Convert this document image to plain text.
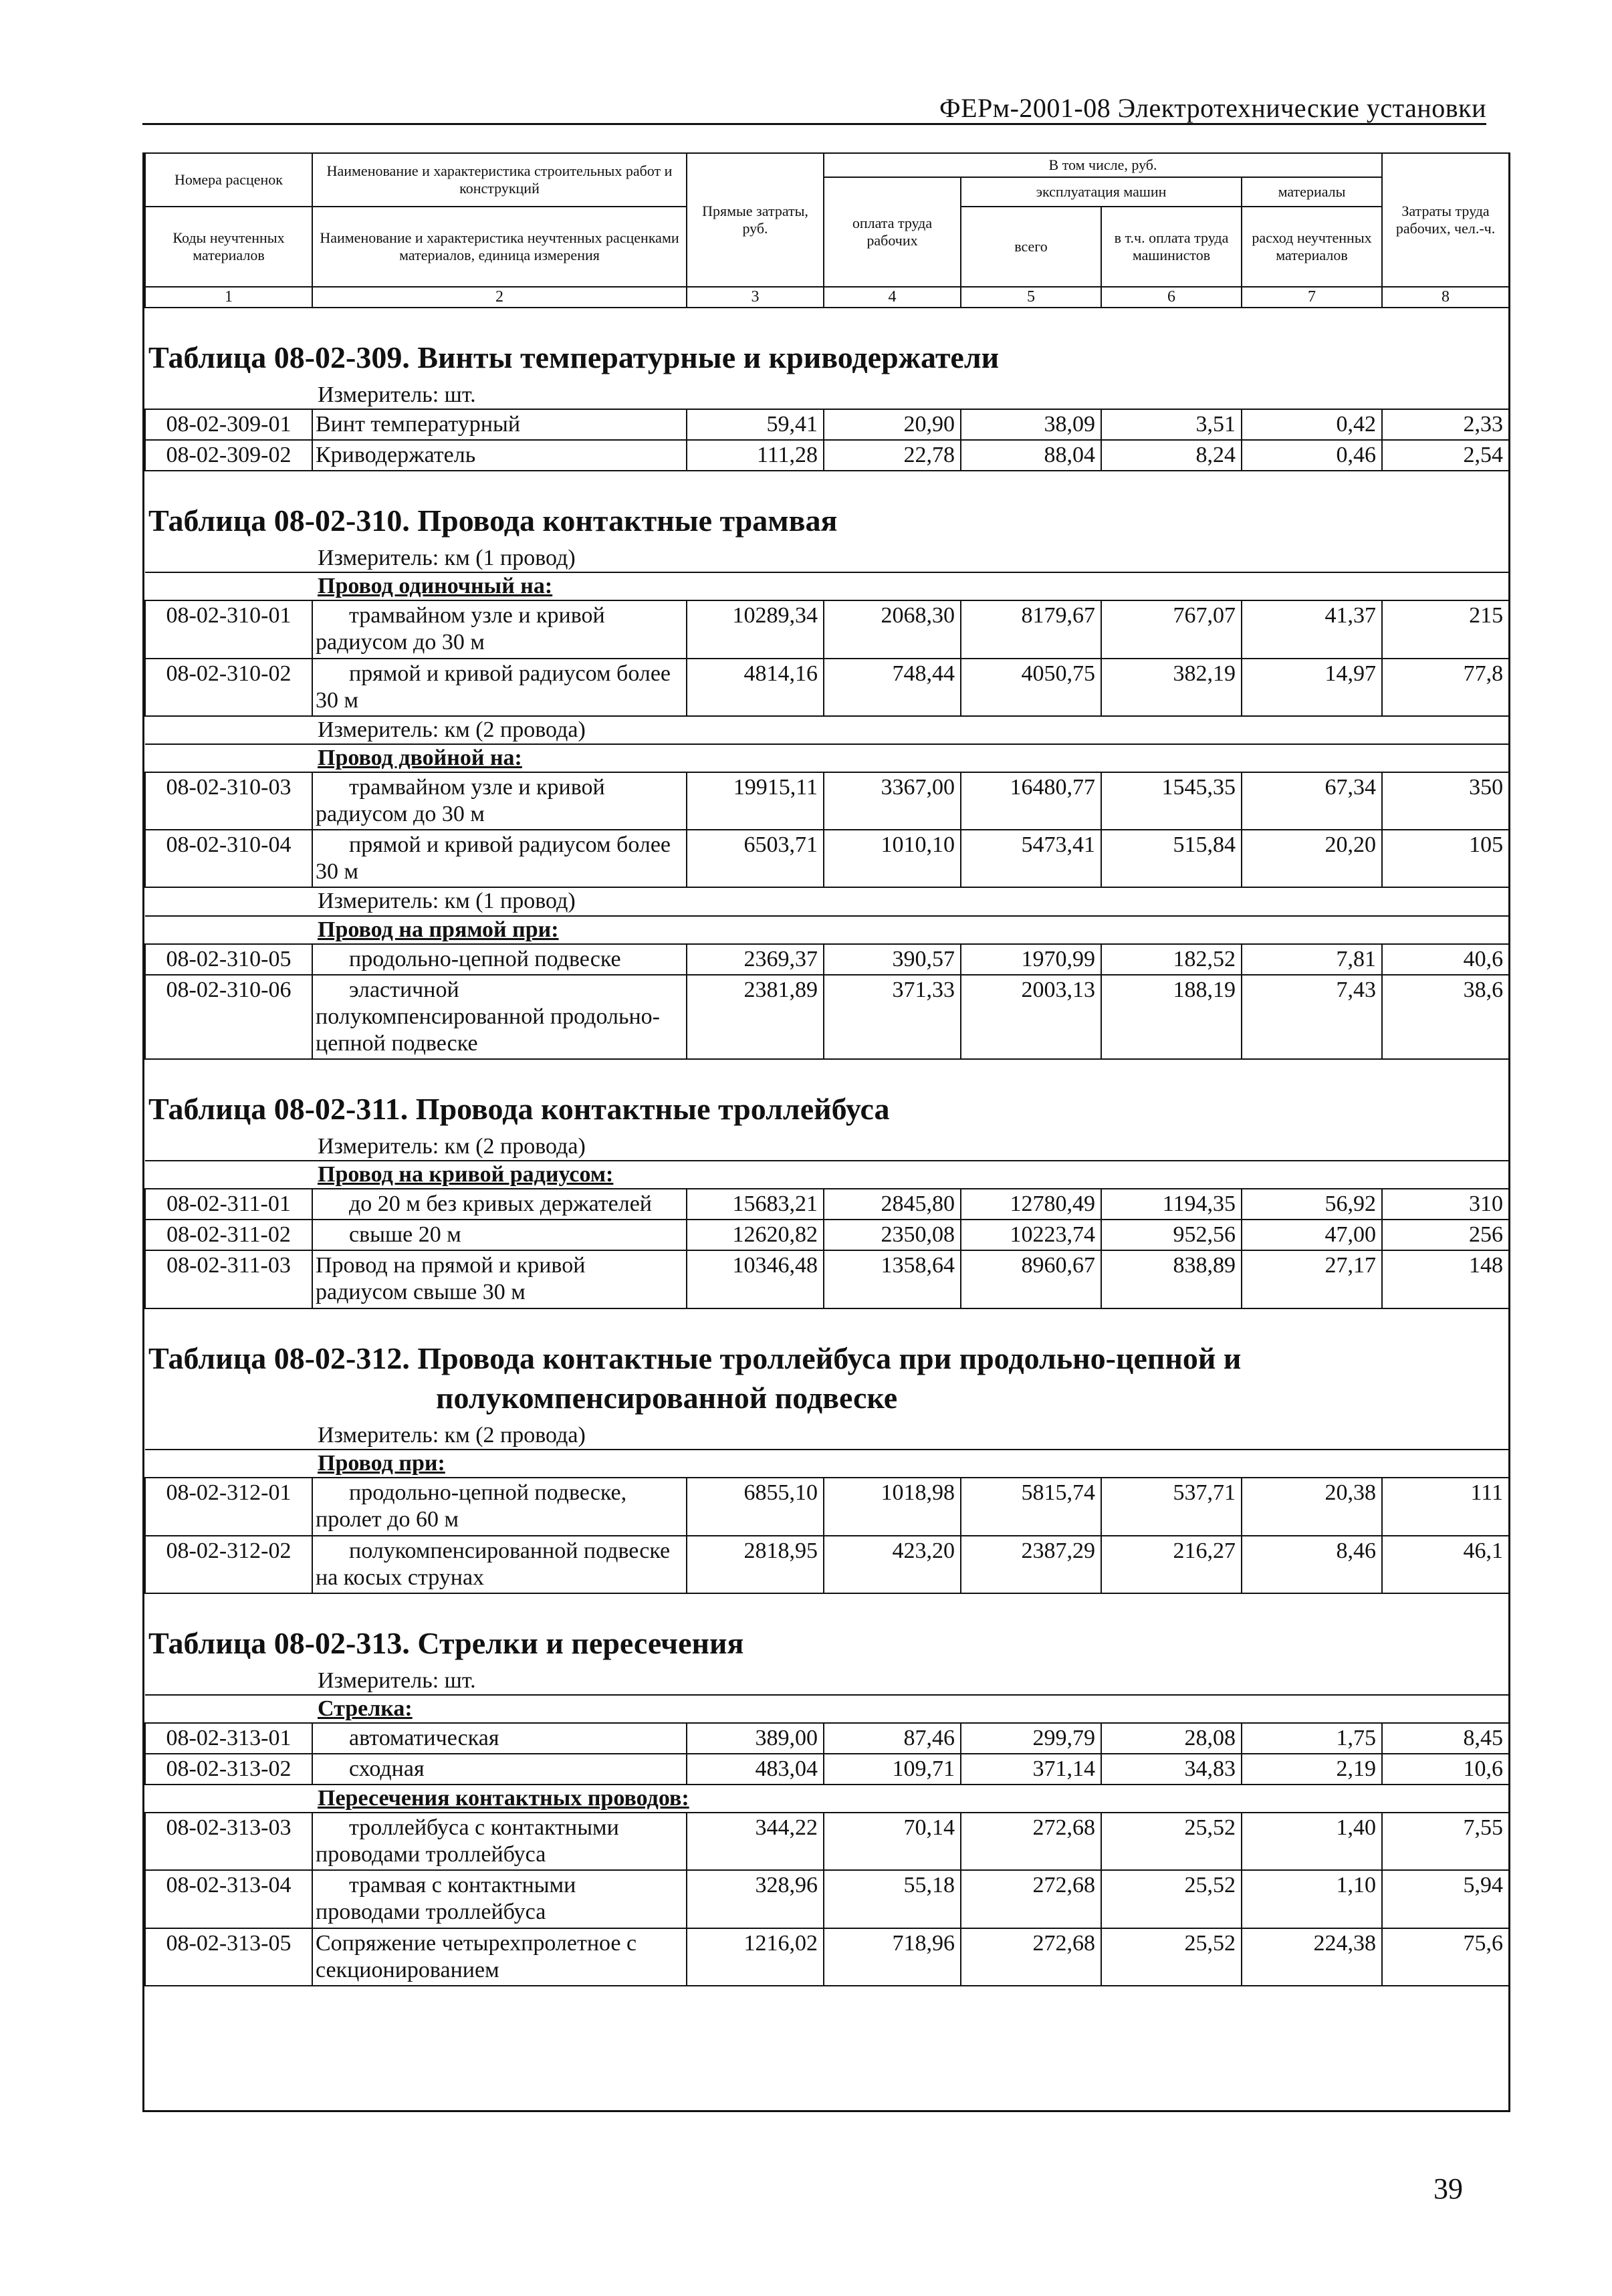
ФЕРм-2001-08 Электротехнические установки
Номера расценок	Наименование и характеристика строительных работ и конструкций	Прямые затраты, руб.	В том числе, руб.				Затраты труда рабочих, чел.-ч.
			оплата труда рабочих	эксплуатация машин		материалы	
Коды неучтенных материалов	Наименование и характеристика неучтенных расценками материалов, единица измерения			всего	в т.ч. оплата труда машинистов	расход неучтенных материалов	

1	2	3	4	5	6	7	8
Таблица 08-02-309. Винты температурные и криводержатели
Измеритель: шт.							
08-02-309-01	Винт температурный	59,41	20,90	38,09	3,51	0,42	2,33
08-02-309-02	Криводержатель	111,28	22,78	88,04	8,24	0,46	2,54
Таблица 08-02-310. Провода контактные трамвая
Измеритель: км (1 провод)							
Провод одиночный на:							
08-02-310-01	трамвайном узле и кривой радиусом до 30 м	10289,34	2068,30	8179,67	767,07	41,37	215
08-02-310-02	прямой и кривой радиусом более 30 м	4814,16	748,44	4050,75	382,19	14,97	77,8
Измеритель: км (2 провода)							
Провод двойной на:							
08-02-310-03	трамвайном узле и кривой радиусом до 30 м	19915,11	3367,00	16480,77	1545,35	67,34	350
08-02-310-04	прямой и кривой радиусом более 30 м	6503,71	1010,10	5473,41	515,84	20,20	105
Измеритель: км (1 провод)							
Провод на прямой при:							
08-02-310-05	продольно-цепной подвеске	2369,37	390,57	1970,99	182,52	7,81	40,6
08-02-310-06	эластичной полукомпенсированной продольно-цепной подвеске	2381,89	371,33	2003,13	188,19	7,43	38,6
Таблица 08-02-311. Провода контактные троллейбуса
Измеритель: км (2 провода)							
Провод на кривой радиусом:							
08-02-311-01	до 20 м без кривых держателей	15683,21	2845,80	12780,49	1194,35	56,92	310
08-02-311-02	свыше 20 м	12620,82	2350,08	10223,74	952,56	47,00	256
08-02-311-03	Провод на прямой и кривой радиусом свыше 30 м	10346,48	1358,64	8960,67	838,89	27,17	148
Таблица 08-02-312. Провода контактные троллейбуса при продольно-цепной и
полукомпенсированной подвеске
Измеритель: км (2 провода)							
Провод при:							
08-02-312-01	продольно-цепной подвеске, пролет до 60 м	6855,10	1018,98	5815,74	537,71	20,38	111
08-02-312-02	полукомпенсированной подвеске на косых струнах	2818,95	423,20	2387,29	216,27	8,46	46,1
Таблица 08-02-313. Стрелки и пересечения
Измеритель: шт.							
Стрелка:							
08-02-313-01	автоматическая	389,00	87,46	299,79	28,08	1,75	8,45
08-02-313-02	сходная	483,04	109,71	371,14	34,83	2,19	10,6
Пересечения контактных проводов:							
08-02-313-03	троллейбуса с контактными проводами троллейбуса	344,22	70,14	272,68	25,52	1,40	7,55
08-02-313-04	трамвая с контактными проводами троллейбуса	328,96	55,18	272,68	25,52	1,10	5,94
08-02-313-05	Сопряжение четырехпролетное с секционированием	1216,02	718,96	272,68	25,52	224,38	75,6
39
